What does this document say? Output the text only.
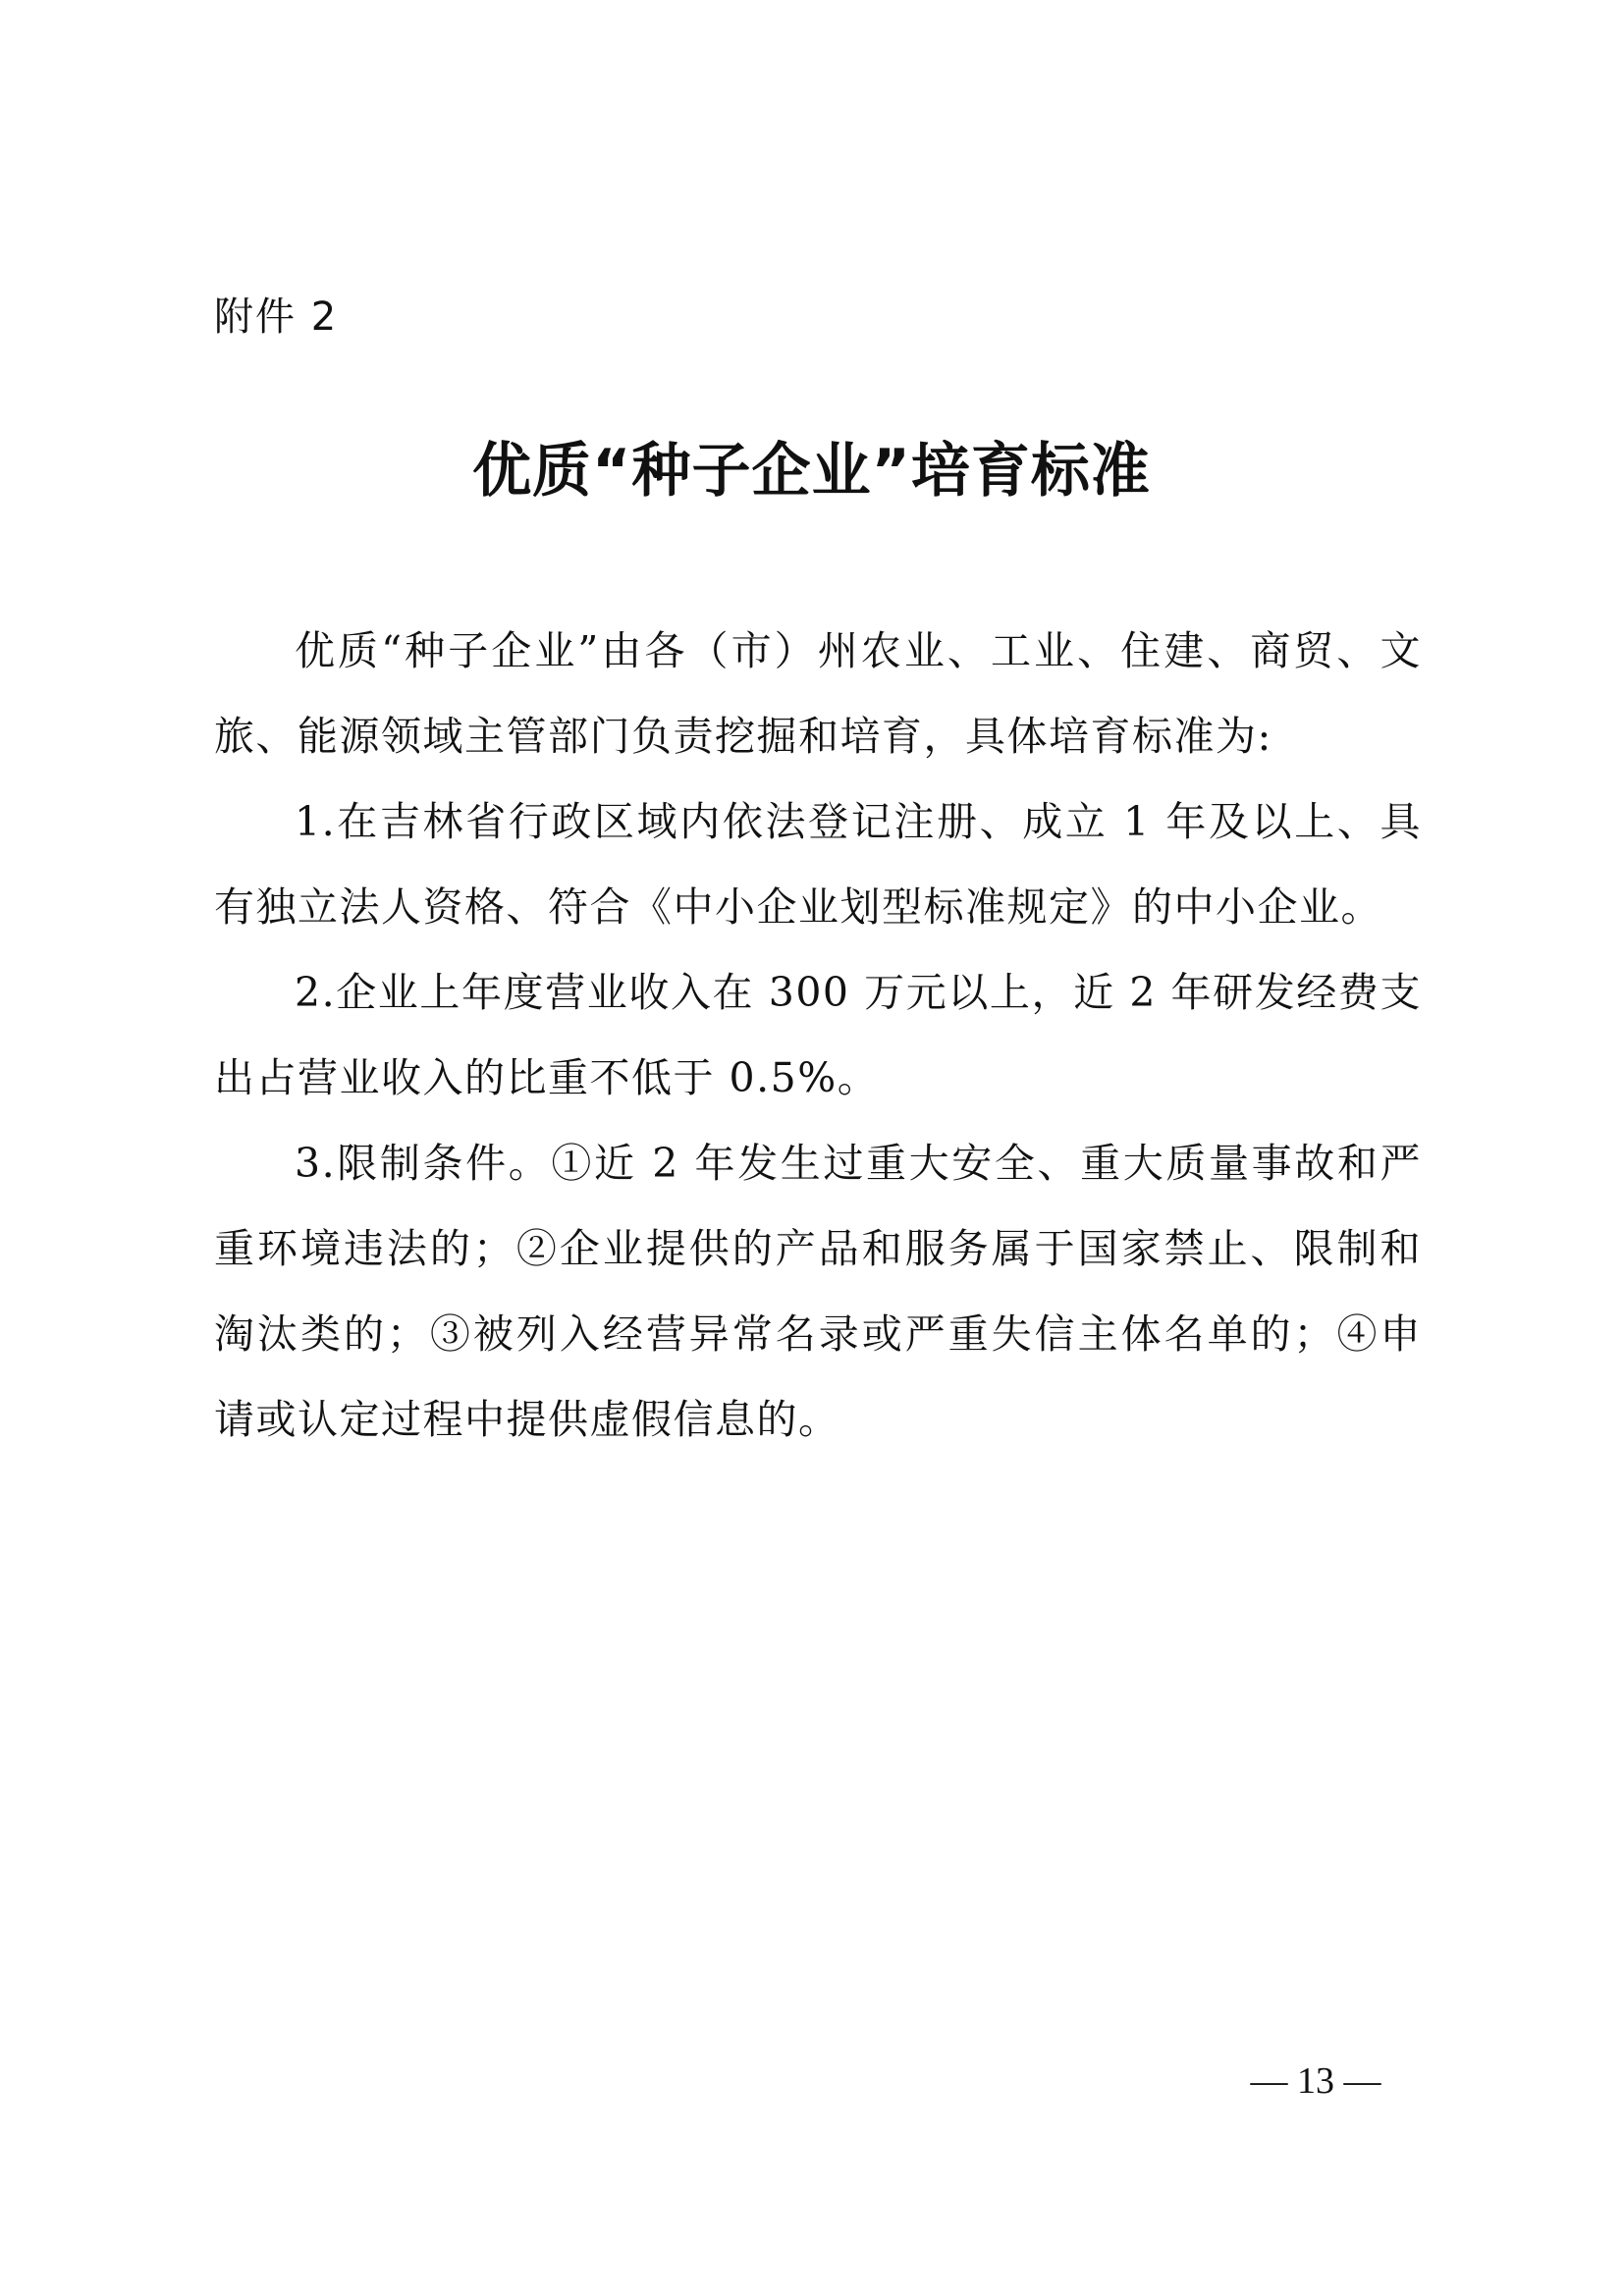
附件 2
优质“种子企业”培育标准

优质“种子企业”由各（市）州农业、工业、住建、商贸、文旅、能源领域主管部门负责挖掘和培育，具体培育标准为:

1.在吉林省行政区域内依法登记注册、成立 1 年及以上、具有独立法人资格、符合《中小企业划型标准规定》的中小企业。

2.企业上年度营业收入在 300 万元以上，近 2 年研发经费支出占营业收入的比重不低于 0.5%。

3.限制条件。①近 2 年发生过重大安全、重大质量事故和严重环境违法的；②企业提供的产品和服务属于国家禁止、限制和淘汰类的；③被列入经营异常名录或严重失信主体名单的；④申请或认定过程中提供虚假信息的。

— 13 —
